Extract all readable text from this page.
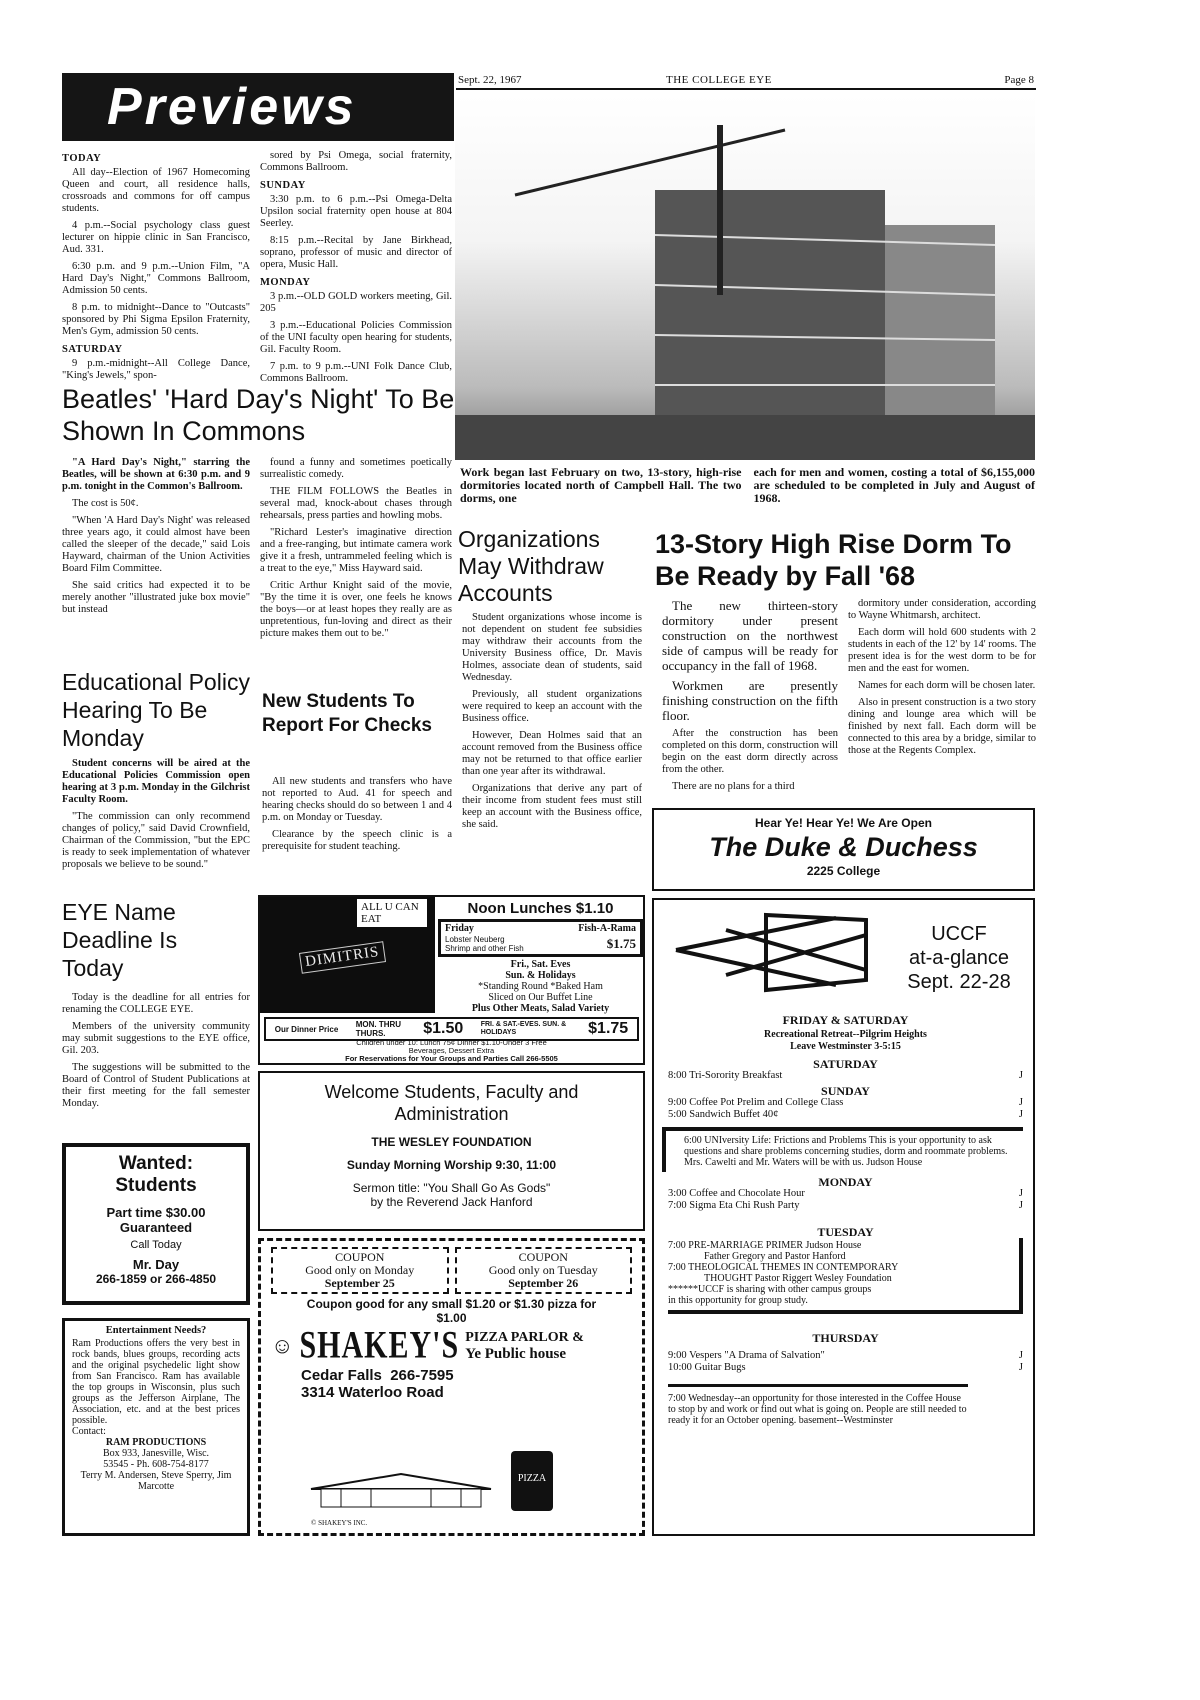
Previews	Sept. 22, 1967	THE COLLEGE EYE	Page 8
TODAY

All day--Election of 1967 Homecoming Queen and court, all residence halls, crossroads and commons for off campus students.

4 p.m.--Social psychology class guest lecturer on hippie clinic in San Francisco, Aud. 331.

6:30 p.m. and 9 p.m.--Union Film, "A Hard Day's Night," Commons Ballroom, Admission 50 cents.

8 p.m. to midnight--Dance to "Outcasts" sponsored by Phi Sigma Epsilon Fraternity, Men's Gym, admission 50 cents.

SATURDAY

9 p.m.-midnight--All College Dance, "King's Jewels," spon-

sored by Psi Omega, social fraternity, Commons Ballroom.

SUNDAY

3:30 p.m. to 6 p.m.--Psi Omega-Delta Upsilon social fraternity open house at 804 Seerley.

8:15 p.m.--Recital by Jane Birkhead, soprano, professor of music and director of opera, Music Hall.

MONDAY

3 p.m.--OLD GOLD workers meeting, Gil. 205

3 p.m.--Educational Policies Commission of the UNI faculty open hearing for students, Gil. Faculty Room.

7 p.m. to 9 p.m.--UNI Folk Dance Club, Commons Ballroom.

Work began last February on two, 13-story, high-rise dormitories located north of Campbell Hall. The two dorms, one
each for men and women, costing a total of $6,155,000 are scheduled to be completed in July and August of 1968.
Beatles' 'Hard Day's Night' To Be Shown In Commons

"A Hard Day's Night," starring the Beatles, will be shown at 6:30 p.m. and 9 p.m. tonight in the Common's Ballroom.

The cost is 50¢.

"When 'A Hard Day's Night' was released three years ago, it could almost have been called the sleeper of the decade," said Lois Hayward, chairman of the Union Activities Board Film Committee.

She said critics had expected it to be merely another "illustrated juke box movie" but instead

found a funny and sometimes poetically surrealistic comedy.

THE FILM FOLLOWS the Beatles in several mad, knock-about chases through rehearsals, press parties and howling mobs.

"Richard Lester's imaginative direction and a free-ranging, but intimate camera work give it a fresh, untrammeled feeling which is a treat to the eye," Miss Hayward said.

Critic Arthur Knight said of the movie, "By the time it is over, one feels he knows the boys—or at least hopes they really are as unpretentious, fun-loving and direct as their picture makes them out to be."

Organizations May Withdraw Accounts

Student organizations whose income is not dependent on student fee subsidies may withdraw their accounts from the University Business office, Dr. Mavis Holmes, associate dean of students, said Wednesday.

Previously, all student organizations were required to keep an account with the Business office.

However, Dean Holmes said that an account removed from the Business office may not be returned to that office earlier than one year after its withdrawal.

Organizations that derive any part of their income from student fees must still keep an account with the Business office, she said.

13-Story High Rise Dorm To Be Ready by Fall '68

The new thirteen-story dormitory under present construction on the northwest side of campus will be ready for occupancy in the fall of 1968.

Workmen are presently finishing construction on the fifth floor.

After the construction has been completed on this dorm, construction will begin on the east dorm directly across from the other.

There are no plans for a third

dormitory under consideration, according to Wayne Whitmarsh, architect.

Each dorm will hold 600 students with 2 students in each of the 12' by 14' rooms. The present idea is for the west dorm to be for men and the east for women.

Names for each dorm will be chosen later.

Also in present construction is a two story dining and lounge area which will be finished by next fall. Each dorm will be connected to this area by a bridge, similar to those at the Regents Complex.

Educational Policy Hearing To Be Monday

Student concerns will be aired at the Educational Policies Commission open hearing at 3 p.m. Monday in the Gilchrist Faculty Room.

"The commission can only recommend changes of policy," said David Crownfield, Chairman of the Commission, "but the EPC is ready to seek implementation of whatever proposals we believe to be sound."

New Students To Report For Checks

All new students and transfers who have not reported to Aud. 41 for speech and hearing checks should do so between 1 and 4 p.m. on Monday or Tuesday.

Clearance by the speech clinic is a prerequisite for student teaching.

EYE Name Deadline Is Today

Today is the deadline for all entries for renaming the COLLEGE EYE.

Members of the university community may submit suggestions to the EYE office, Gil. 203.

The suggestions will be submitted to the Board of Control of Student Publications at their first meeting for the fall semester Monday.

Wanted:
Students
Part time $30.00
Guaranteed
Call Today
Mr. Day
266-1859 or 266-4850
Entertainment Needs?
Ram Productions offers the very best in rock bands, blues groups, recording acts and the original psychedelic light show from San Francisco. Ram has available the top groups in Wisconsin, plus such groups as the Jefferson Airplane, The Association, etc. and at the best prices possible.
Contact:
RAM PRODUCTIONS
Box 933, Janesville, Wisc.
53545 - Ph. 608-754-8177
Terry M. Andersen, Steve Sperry, Jim Marcotte
ALL U CAN EAT
DIMITRIS
Noon Lunches $1.10
Friday	Fish-A-Rama
Lobster Neuberg
Shrimp and other Fish	$1.75
Fri., Sat. Eves
Sun. & Holidays
*Standing Round *Baked Ham
Sliced on Our Buffet Line
Plus Other Meats, Salad Variety
Our Dinner Price MON. THRU THURS.	$1.50 FRI. & SAT.-EVES. SUN. & HOLIDAYS	$1.75
Children under 10: Lunch 75¢ Dinner $1.10-Under 3 Free
Beverages, Dessert Extra
For Reservations for Your Groups and Parties Call 266-5505
Welcome Students, Faculty and Administration
THE WESLEY FOUNDATION
Sunday Morning Worship 9:30, 11:00
Sermon title: "You Shall Go As Gods"
by the Reverend Jack Hanford
COUPON
Good only on Monday
September 25
COUPON
Good only on Tuesday
September 26
Coupon good for any small $1.20 or $1.30 pizza for $1.00
☺ SHAKEY'S PIZZA PARLOR &
Ye Public house
Cedar Falls 266-7595
3314 Waterloo Road
PIZZA
© SHAKEY'S INC.
Hear Ye! Hear Ye! We Are Open
The Duke & Duchess
2225 College
UCCF
at-a-glance
Sept. 22-28
FRIDAY & SATURDAY
Recreational Retreat--Pilgrim Heights
Leave Westminster 3-5:15
SATURDAY
8:00 Tri-Sorority Breakfast	J
SUNDAY
9:00 Coffee Pot Prelim and College Class	J
5:00 Sandwich Buffet 40¢	J
6:00 UNIversity Life: Frictions and Problems This is your opportunity to ask questions and share problems concerning studies, dorm and roommate problems. Mrs. Cawelti and Mr. Waters will be with us. Judson House
MONDAY
3:00 Coffee and Chocolate Hour	J
7:00 Sigma Eta Chi Rush Party	J
TUESDAY
7:00 PRE-MARRIAGE PRIMER Judson House
Father Gregory and Pastor Hanford
7:00 THEOLOGICAL THEMES IN CONTEMPORARY
THOUGHT Pastor Riggert Wesley Foundation
******UCCF is sharing with other campus groups
in this opportunity for group study.
THURSDAY
9:00 Vespers "A Drama of Salvation"	J
10:00 Guitar Bugs	J
7:00 Wednesday--an opportunity for those interested in the Coffee House to stop by and work or find out what is going on. People are still needed to ready it for an October opening. basement--Westminster
